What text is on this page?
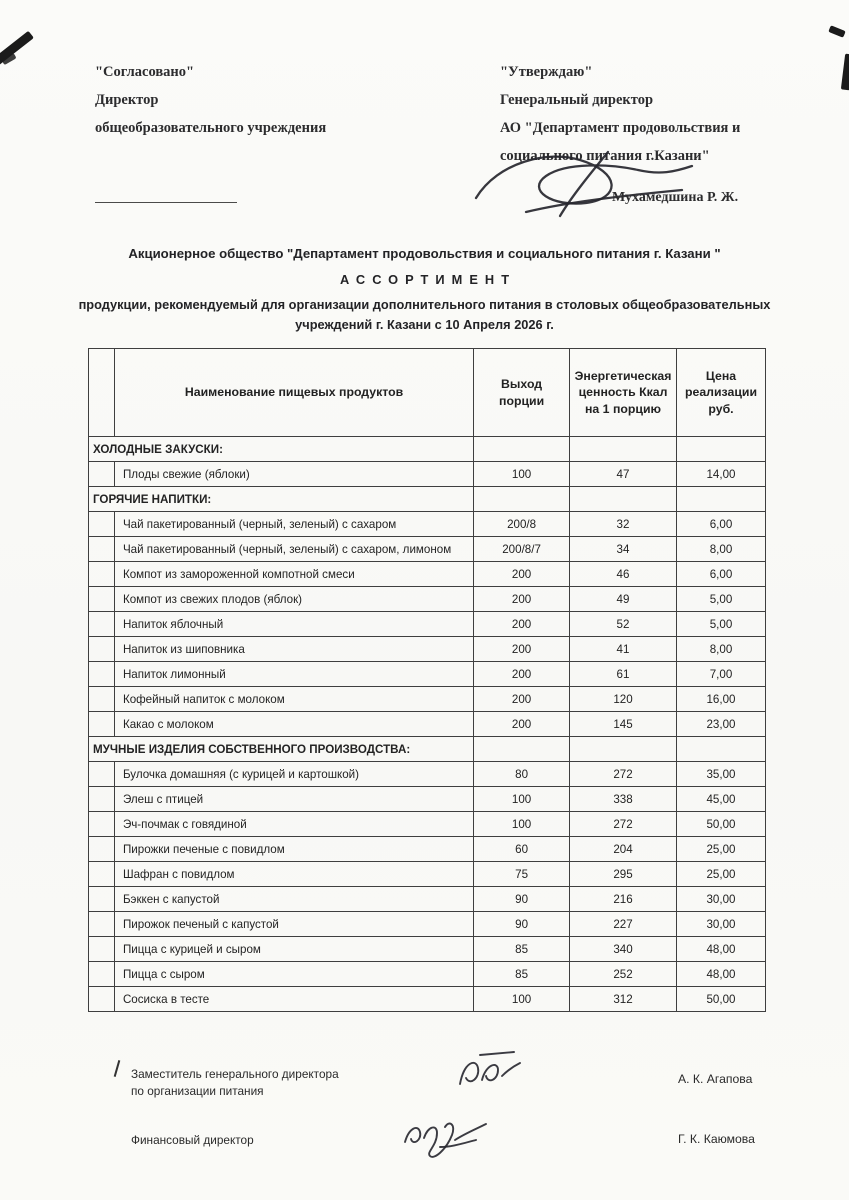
"Согласовано"
Директор
общеобразовательного учреждения
"Утверждаю"
Генеральный директор
АО "Департамент продовольствия и
социального питания г.Казани"
Мухамедшина Р. Ж.
Акционерное общество "Департамент продовольствия и социального питания г. Казани "
АССОРТИМЕНТ
продукции, рекомендуемый для организации дополнительного питания в столовых общеобразовательных
учреждений г. Казани с 10 Апреля 2026 г.
	Наименование пищевых продуктов	Выход порции	Энергетическая ценность Ккал на 1 порцию	Цена реализации руб.
ХОЛОДНЫЕ ЗАКУСКИ:				
	Плоды свежие (яблоки)	100	47	14,00
ГОРЯЧИЕ НАПИТКИ:				
	Чай пакетированный (черный, зеленый) с сахаром	200/8	32	6,00
	Чай пакетированный (черный, зеленый) с сахаром, лимоном	200/8/7	34	8,00
	Компот из замороженной компотной смеси	200	46	6,00
	Компот из свежих плодов (яблок)	200	49	5,00
	Напиток яблочный	200	52	5,00
	Напиток из шиповника	200	41	8,00
	Напиток лимонный	200	61	7,00
	Кофейный напиток с молоком	200	120	16,00
	Какао с молоком	200	145	23,00
МУЧНЫЕ ИЗДЕЛИЯ СОБСТВЕННОГО ПРОИЗВОДСТВА:				
	Булочка домашняя (с курицей и картошкой)	80	272	35,00
	Элеш с птицей	100	338	45,00
	Эч-почмак с говядиной	100	272	50,00
	Пирожки печеные с повидлом	60	204	25,00
	Шафран с повидлом	75	295	25,00
	Бэккен с капустой	90	216	30,00
	Пирожок печеный с капустой	90	227	30,00
	Пицца с курицей и сыром	85	340	48,00
	Пицца с сыром	85	252	48,00
	Сосиска в тесте	100	312	50,00
Заместитель генерального директора
по организации питания
А. К. Агапова
Финансовый директор	Г. К. Каюмова
